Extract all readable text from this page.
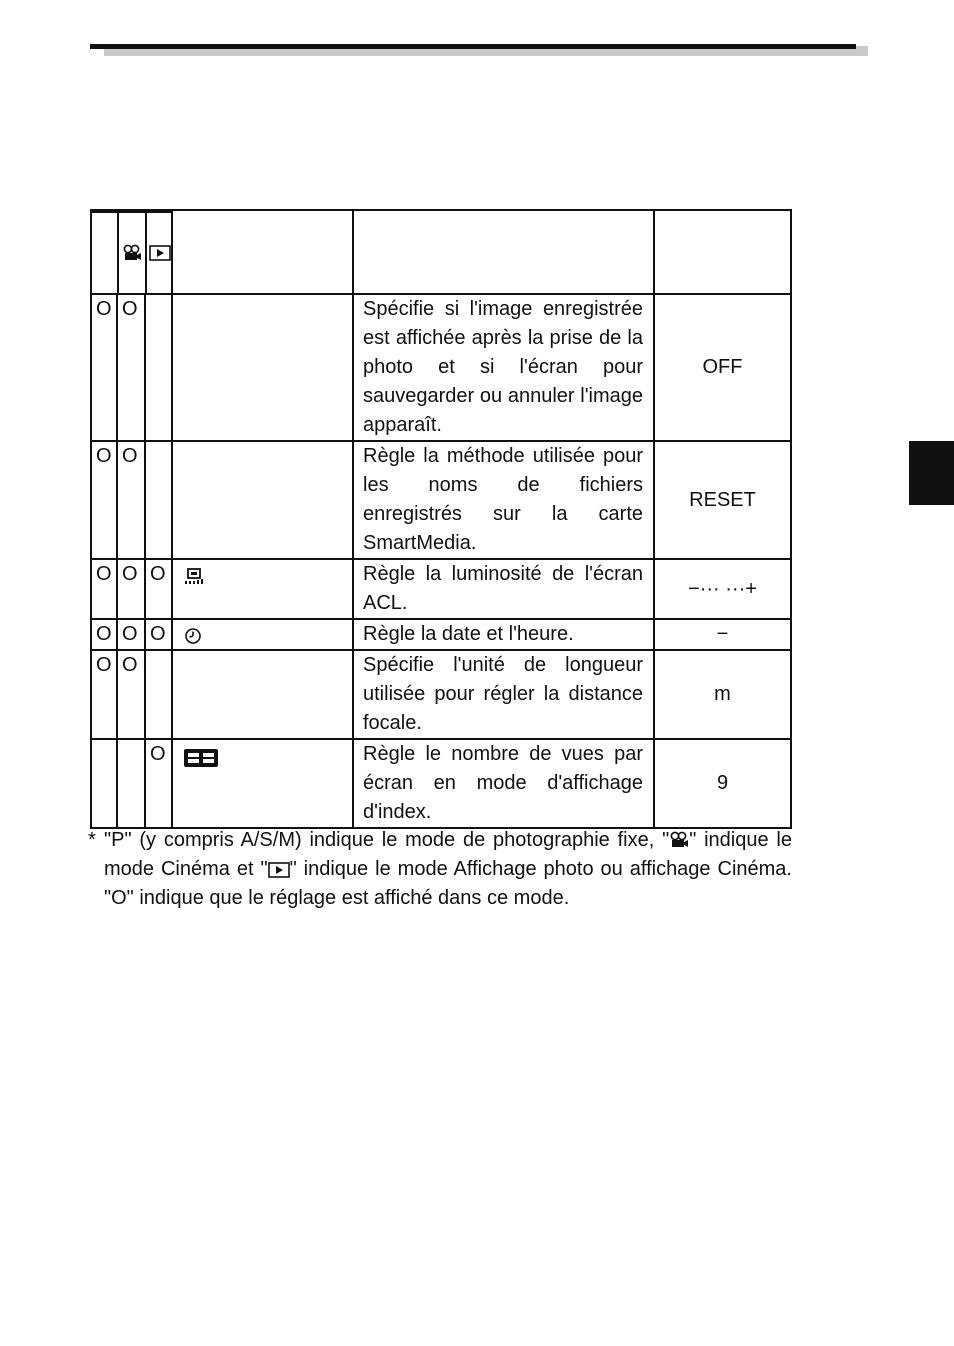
O	O			Spécifie si l'image enregistrée est affichée après la prise de la photo et si l'écran pour sauvegarder ou annuler l'image apparaît.	OFF
O	O			Règle la méthode utilisée pour les noms de fichiers enregistrés sur la carte SmartMedia.	RESET
O	O	O		Règle la luminosité de l'écran ACL.	−··· ···+
O	O	O		Règle la date et l'heure.	−
O	O			Spécifie l'unité de longueur utilisée pour régler la distance focale.	m
		O		Règle le nombre de vues par écran en mode d'affichage d'index.	9
* "P" (y compris A/S/M) indique le mode de photographie fixe, " " indique le mode Cinéma et " " indique le mode Affichage photo ou affichage Cinéma. "O" indique que le réglage est affiché dans ce mode.
